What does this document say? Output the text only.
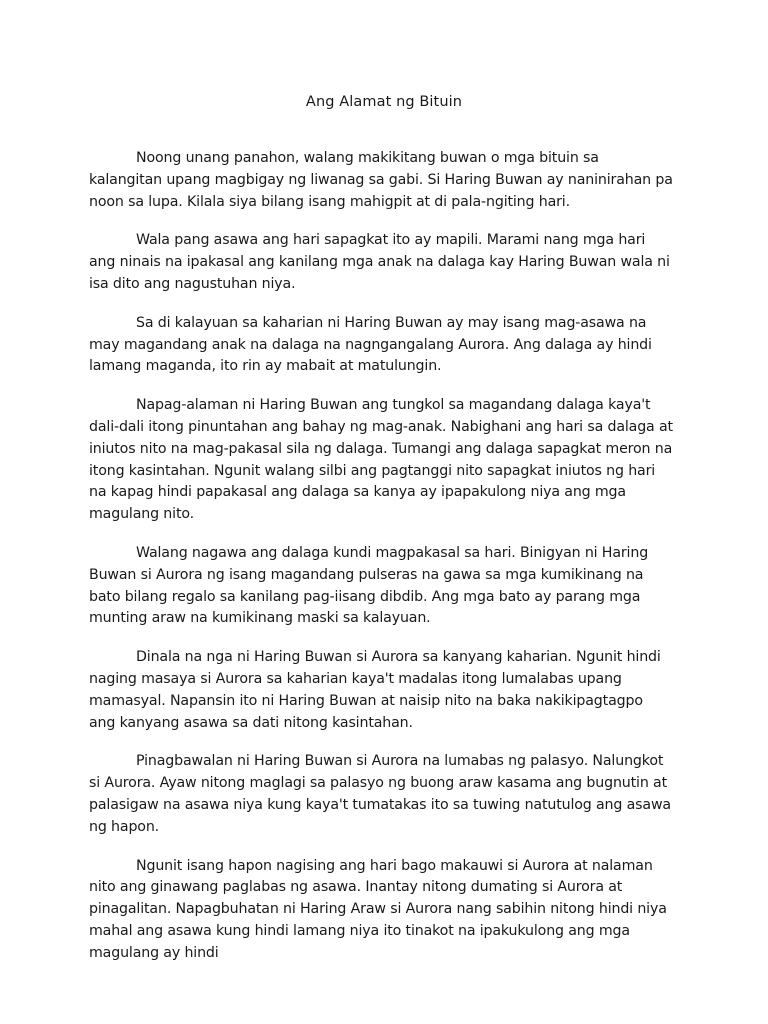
Ang Alamat ng Bituin

Noong unang panahon, walang makikitang buwan o mga bituin sa kalangitan upang magbigay ng liwanag sa gabi. Si Haring Buwan ay naninirahan pa noon sa lupa. Kilala siya bilang isang mahigpit at di pala-ngiting hari.

Wala pang asawa ang hari sapagkat ito ay mapili. Marami nang mga hari ang ninais na ipakasal ang kanilang mga anak na dalaga kay Haring Buwan wala ni isa dito ang nagustuhan niya.

Sa di kalayuan sa kaharian ni Haring Buwan ay may isang mag-asawa na may magandang anak na dalaga na nagngangalang Aurora. Ang dalaga ay hindi lamang maganda, ito rin ay mabait at matulungin.

Napag-alaman ni Haring Buwan ang tungkol sa magandang dalaga kaya't dali-dali itong pinuntahan ang bahay ng mag-anak. Nabighani ang hari sa dalaga at iniutos nito na mag-pakasal sila ng dalaga. Tumangi ang dalaga sapagkat meron na itong kasintahan. Ngunit walang silbi ang pagtanggi nito sapagkat iniutos ng hari na kapag hindi papakasal ang dalaga sa kanya ay ipapakulong niya ang mga magulang nito.

Walang nagawa ang dalaga kundi magpakasal sa hari. Binigyan ni Haring Buwan si Aurora ng isang magandang pulseras na gawa sa mga kumikinang na bato bilang regalo sa kanilang pag-iisang dibdib. Ang mga bato ay parang mga munting araw na kumikinang maski sa kalayuan.

Dinala na nga ni Haring Buwan si Aurora sa kanyang kaharian. Ngunit hindi naging masaya si Aurora sa kaharian kaya't madalas itong lumalabas upang mamasyal. Napansin ito ni Haring Buwan at naisip nito na baka nakikipagtagpo ang kanyang asawa sa dati nitong kasintahan.

Pinagbawalan ni Haring Buwan si Aurora na lumabas ng palasyo. Nalungkot si Aurora. Ayaw nitong maglagi sa palasyo ng buong araw kasama ang bugnutin at palasigaw na asawa niya kung kaya't tumatakas ito sa tuwing natutulog ang asawa ng hapon.

Ngunit isang hapon nagising ang hari bago makauwi si Aurora at nalaman nito ang ginawang paglabas ng asawa. Inantay nitong dumating si Aurora at pinagalitan. Napagbuhatan ni Haring Araw si Aurora nang sabihin nitong hindi niya mahal ang asawa kung hindi lamang niya ito tinakot na ipakukulong ang mga magulang ay hindi
